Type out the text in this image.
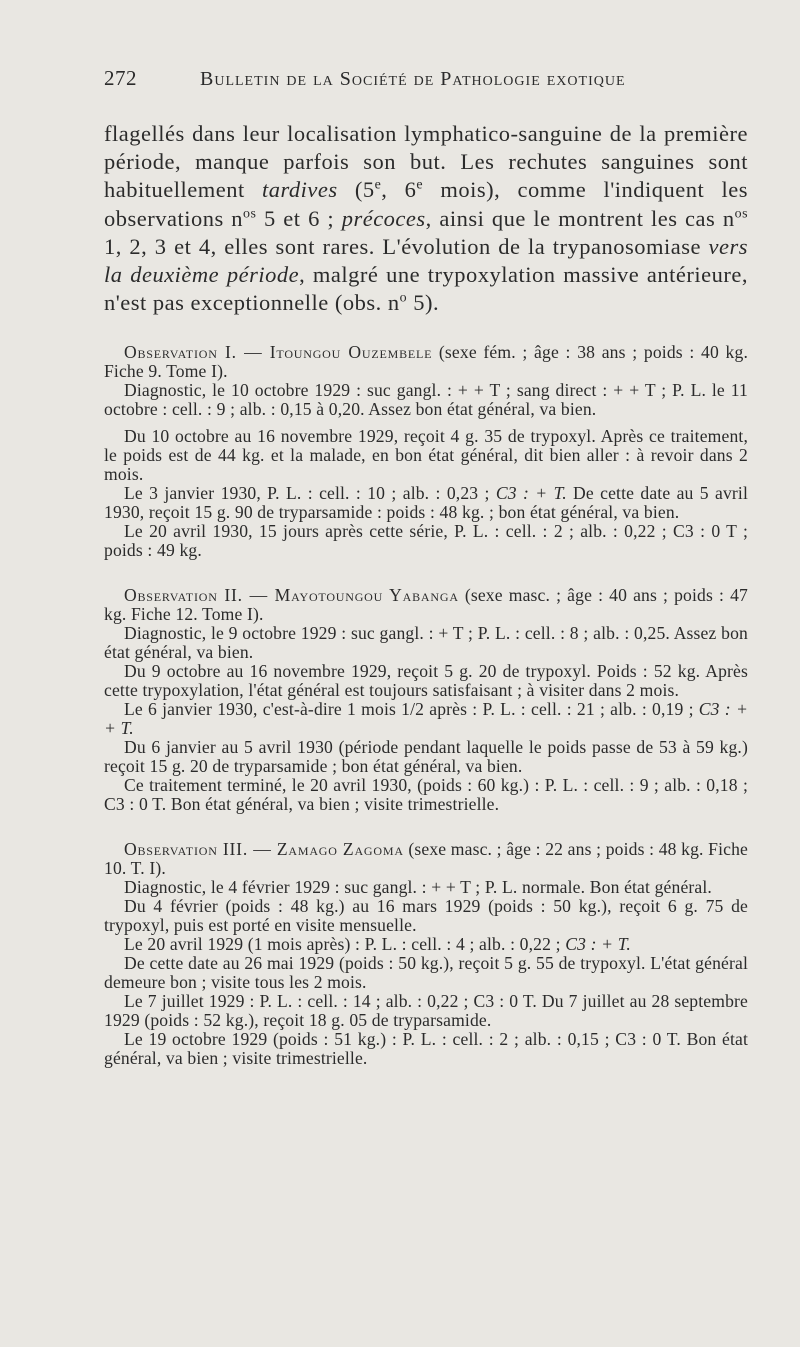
272	Bulletin de la Société de Pathologie exotique

flagellés dans leur localisation lymphatico-sanguine de la première période, manque parfois son but. Les rechutes sanguines sont habituellement tardives (5e, 6e mois), comme l'indiquent les observations $n^{os}$ 5 et 6 ; précoces, ainsi que le montrent les cas $n^{os}$ 1, 2, 3 et 4, elles sont rares. L'évolution de la trypanosomiase vers la deuxième période, malgré une trypoxylation massive antérieure, n'est pas exceptionnelle (obs. $n^o$ 5).

Observation I. — Itoungou Ouzembele (sexe fém. ; âge : 38 ans ; poids : 40 kg. Fiche 9. Tome I).

Diagnostic, le 10 octobre 1929 : suc gangl. : + + T ; sang direct : + + T ; P. L. le 11 octobre : cell. : 9 ; alb. : 0,15 à 0,20. Assez bon état général, va bien.

Du 10 octobre au 16 novembre 1929, reçoit 4 g. 35 de trypoxyl. Après ce traitement, le poids est de 44 kg. et la malade, en bon état général, dit bien aller : à revoir dans 2 mois.

Le 3 janvier 1930, P. L. : cell. : 10 ; alb. : 0,23 ; C3 : + T. De cette date au 5 avril 1930, reçoit 15 g. 90 de tryparsamide : poids : 48 kg. ; bon état général, va bien.

Le 20 avril 1930, 15 jours après cette série, P. L. : cell. : 2 ; alb. : 0,22 ; C3 : 0 T ; poids : 49 kg.

Observation II. — Mayotoungou Yabanga (sexe masc. ; âge : 40 ans ; poids : 47 kg. Fiche 12. Tome I).

Diagnostic, le 9 octobre 1929 : suc gangl. : + T ; P. L. : cell. : 8 ; alb. : 0,25. Assez bon état général, va bien.

Du 9 octobre au 16 novembre 1929, reçoit 5 g. 20 de trypoxyl. Poids : 52 kg. Après cette trypoxylation, l'état général est toujours satisfaisant ; à visiter dans 2 mois.

Le 6 janvier 1930, c'est-à-dire 1 mois 1/2 après : P. L. : cell. : 21 ; alb. : 0,19 ; C3 : + + T.

Du 6 janvier au 5 avril 1930 (période pendant laquelle le poids passe de 53 à 59 kg.) reçoit 15 g. 20 de tryparsamide ; bon état général, va bien.

Ce traitement terminé, le 20 avril 1930, (poids : 60 kg.) : P. L. : cell. : 9 ; alb. : 0,18 ; C3 : 0 T. Bon état général, va bien ; visite trimestrielle.

Observation III. — Zamago Zagoma (sexe masc. ; âge : 22 ans ; poids : 48 kg. Fiche 10. T. I).

Diagnostic, le 4 février 1929 : suc gangl. : + + T ; P. L. normale. Bon état général.

Du 4 février (poids : 48 kg.) au 16 mars 1929 (poids : 50 kg.), reçoit 6 g. 75 de trypoxyl, puis est porté en visite mensuelle.

Le 20 avril 1929 (1 mois après) : P. L. : cell. : 4 ; alb. : 0,22 ; C3 : + T.

De cette date au 26 mai 1929 (poids : 50 kg.), reçoit 5 g. 55 de trypoxyl. L'état général demeure bon ; visite tous les 2 mois.

Le 7 juillet 1929 : P. L. : cell. : 14 ; alb. : 0,22 ; C3 : 0 T. Du 7 juillet au 28 septembre 1929 (poids : 52 kg.), reçoit 18 g. 05 de tryparsamide.

Le 19 octobre 1929 (poids : 51 kg.) : P. L. : cell. : 2 ; alb. : 0,15 ; C3 : 0 T. Bon état général, va bien ; visite trimestrielle.
